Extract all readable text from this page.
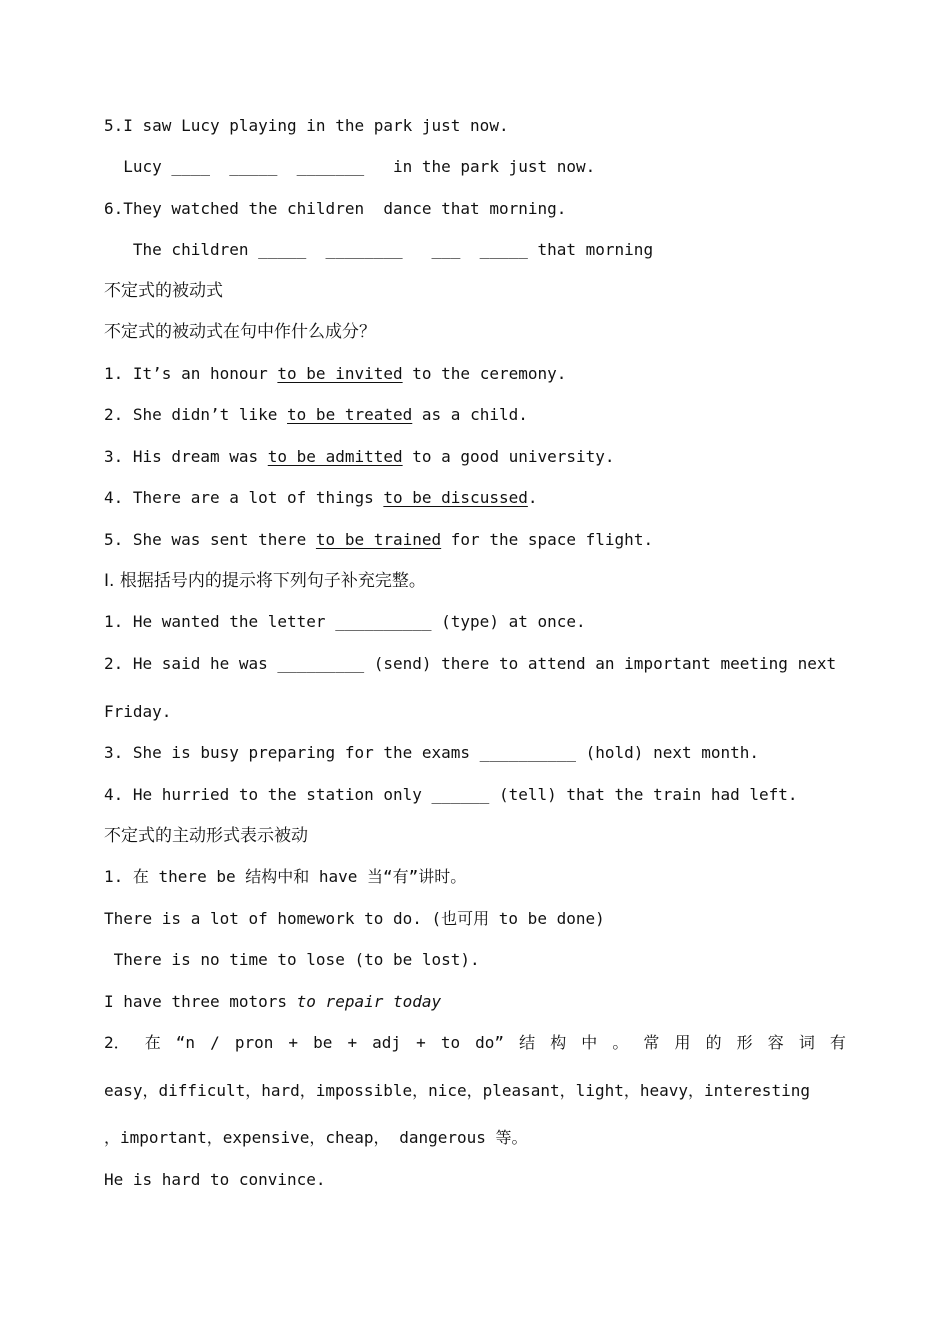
5.I saw Lucy playing in the park just now.
Lucy ____  _____  _______   in the park just now.
6.They watched the children  dance that morning.
The children _____  ________   ___  _____ that morning
不定式的被动式
不定式的被动式在句中作什么成分？
1. It’s an honour to be invited to the ceremony.
2. She didn’t like to be treated as a child.
3. His dream was to be admitted to a good university.
4. There are a lot of things to be discussed.
5. She was sent there to be trained for the space flight.
I. 根据括号内的提示将下列句子补充完整。
1. He wanted the letter __________ (type) at once.
2. He said he was _________ (send) there to attend an important meeting next
Friday.
3. She is busy preparing for the exams __________ (hold) next month.
4. He hurried to the station only ______ (tell) that the train had left.
不定式的主动形式表示被动
1. 在 there be 结构中和 have 当“有”讲时。
There is a lot of homework to do. (也可用 to be done)
There is no time to lose (to be lost).
I have three motors to repair today
2． 在 “n / pron + be + adj + to do” 结 构 中 。 常 用 的 形 容 词 有
easy，difficult，hard，impossible，nice，pleasant，light，heavy，interesting
，important，expensive，cheap， dangerous 等。
He is hard to convince.
